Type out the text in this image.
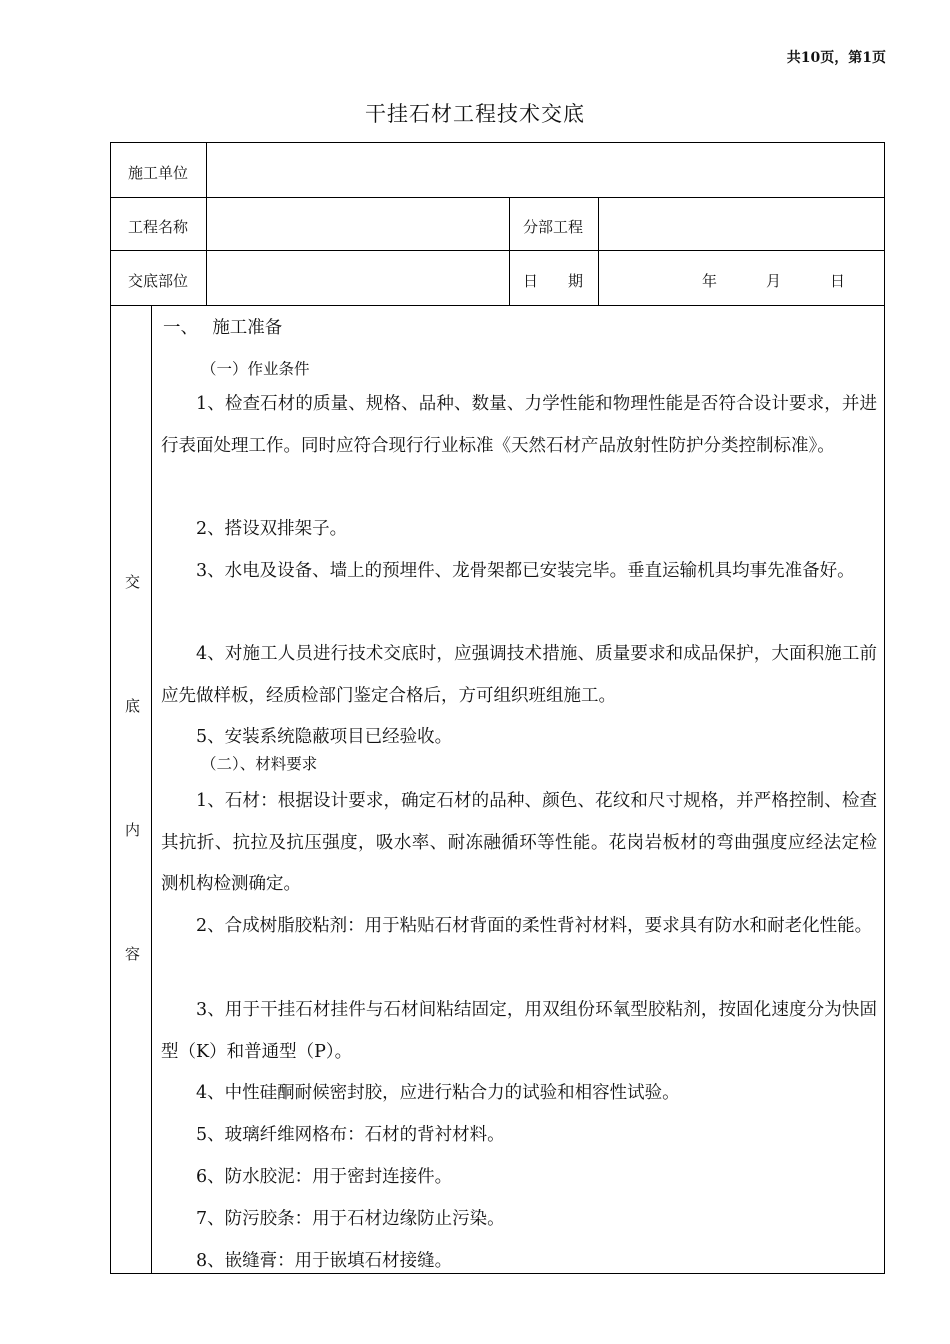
共10页，第1页
干挂石材工程技术交底
施工单位
工程名称	分部工程
交底部位	日　　期	年	月	日
交
底
内
容
一、　 施工准备
（一）作业条件
1、检查石材的质量、规格、品种、数量、力学性能和物理性能是否符合设计要求，并进行表面处理工作。同时应符合现行行业标准《天然石材产品放射性防护分类控制标准》。
2、搭设双排架子。
3、水电及设备、墙上的预埋件、龙骨架都已安装完毕。垂直运输机具均事先准备好。
4、对施工人员进行技术交底时，应强调技术措施、质量要求和成品保护，大面积施工前应先做样板，经质检部门鉴定合格后，方可组织班组施工。
5、安装系统隐蔽项目已经验收。
（二）、材料要求
1、石材：根据设计要求，确定石材的品种、颜色、花纹和尺寸规格，并严格控制、检查其抗折、抗拉及抗压强度，吸水率、耐冻融循环等性能。花岗岩板材的弯曲强度应经法定检测机构检测确定。
2、合成树脂胶粘剂：用于粘贴石材背面的柔性背衬材料，要求具有防水和耐老化性能。
3、用于干挂石材挂件与石材间粘结固定，用双组份环氧型胶粘剂，按固化速度分为快固型（K）和普通型（P）。
4、中性硅酮耐候密封胶，应进行粘合力的试验和相容性试验。
5、玻璃纤维网格布：石材的背衬材料。
6、防水胶泥：用于密封连接件。
7、防污胶条：用于石材边缘防止污染。
8、嵌缝膏：用于嵌填石材接缝。
